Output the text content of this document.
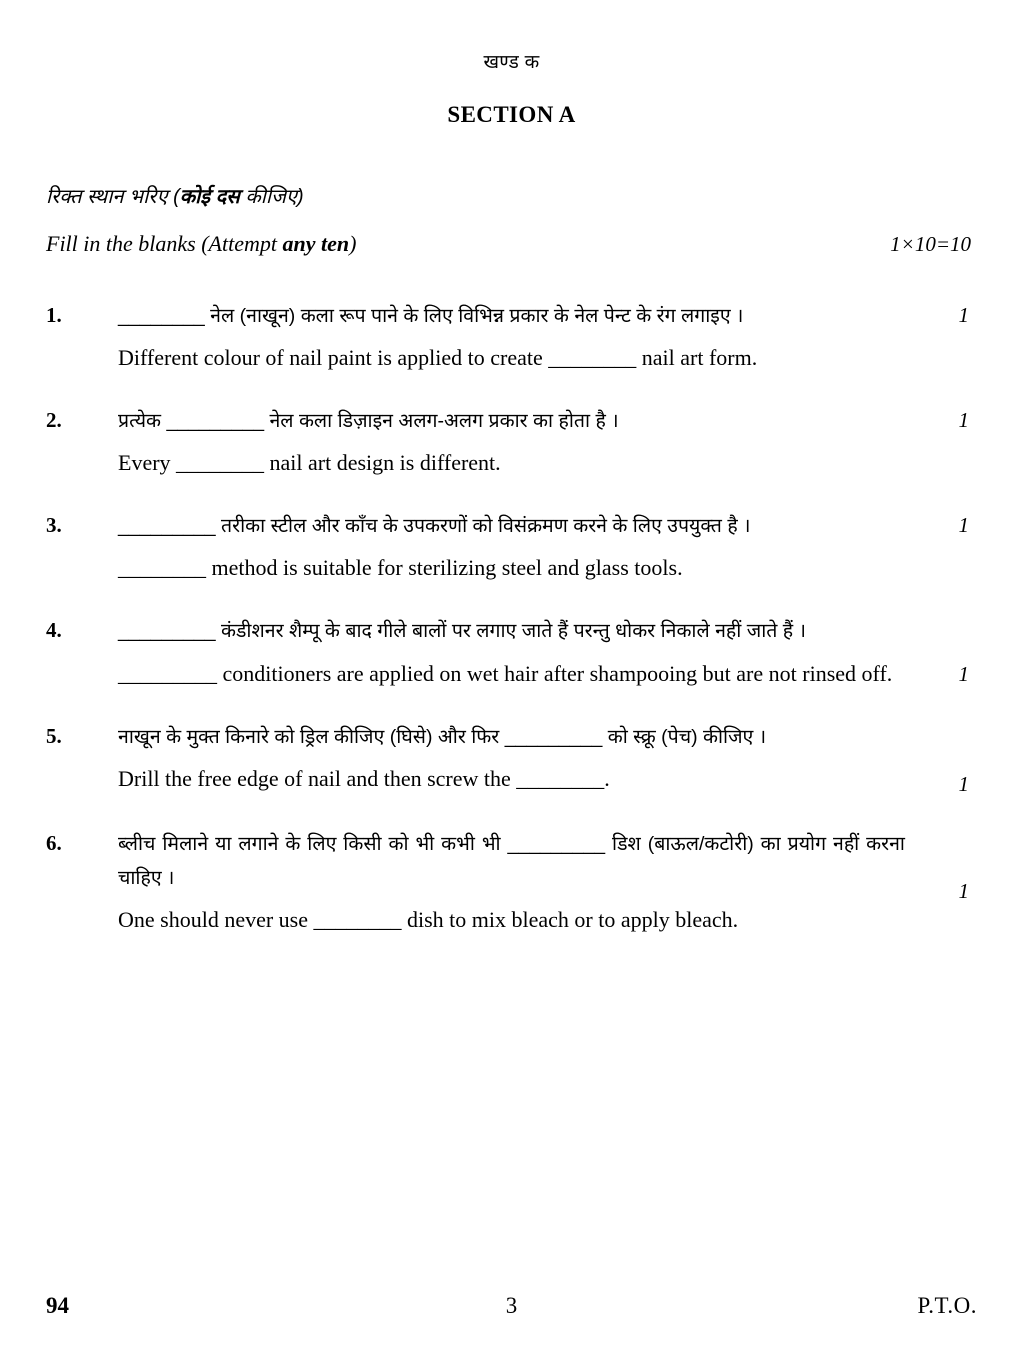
खण्ड क
SECTION A
रिक्त स्थान भरिए (कोई दस कीजिए)
Fill in the blanks (Attempt any ten)	1×10=10
1.	________ नेल (नाखून) कला रूप पाने के लिए विभिन्न प्रकार के नेल पेन्ट के रंग लगाइए ।

Different colour of nail paint is applied to create ________ nail art form.

1
2.	प्रत्येक _________ नेल कला डिज़ाइन अलग-अलग प्रकार का होता है ।

Every ________ nail art design is different.

1
3.	_________ तरीका स्टील और काँच के उपकरणों को विसंक्रमण करने के लिए उपयुक्त है ।

________ method is suitable for sterilizing steel and glass tools.

1
4.	_________ कंडीशनर शैम्पू के बाद गीले बालों पर लगाए जाते हैं परन्तु धोकर निकाले नहीं जाते हैं ।

_________ conditioners are applied on wet hair after shampooing but are not rinsed off.	1
5.	नाखून के मुक्त किनारे को ड्रिल कीजिए (घिसे) और फिर _________ को स्क्रू (पेच) कीजिए ।

Drill the free edge of nail and then screw the ________.	1
6.	ब्लीच मिलाने या लगाने के लिए किसी को भी कभी भी _________ डिश (बाऊल/कटोरी) का प्रयोग नहीं करना चाहिए ।

One should never use ________ dish to mix bleach or to apply bleach.

1
94	3	P.T.O.
